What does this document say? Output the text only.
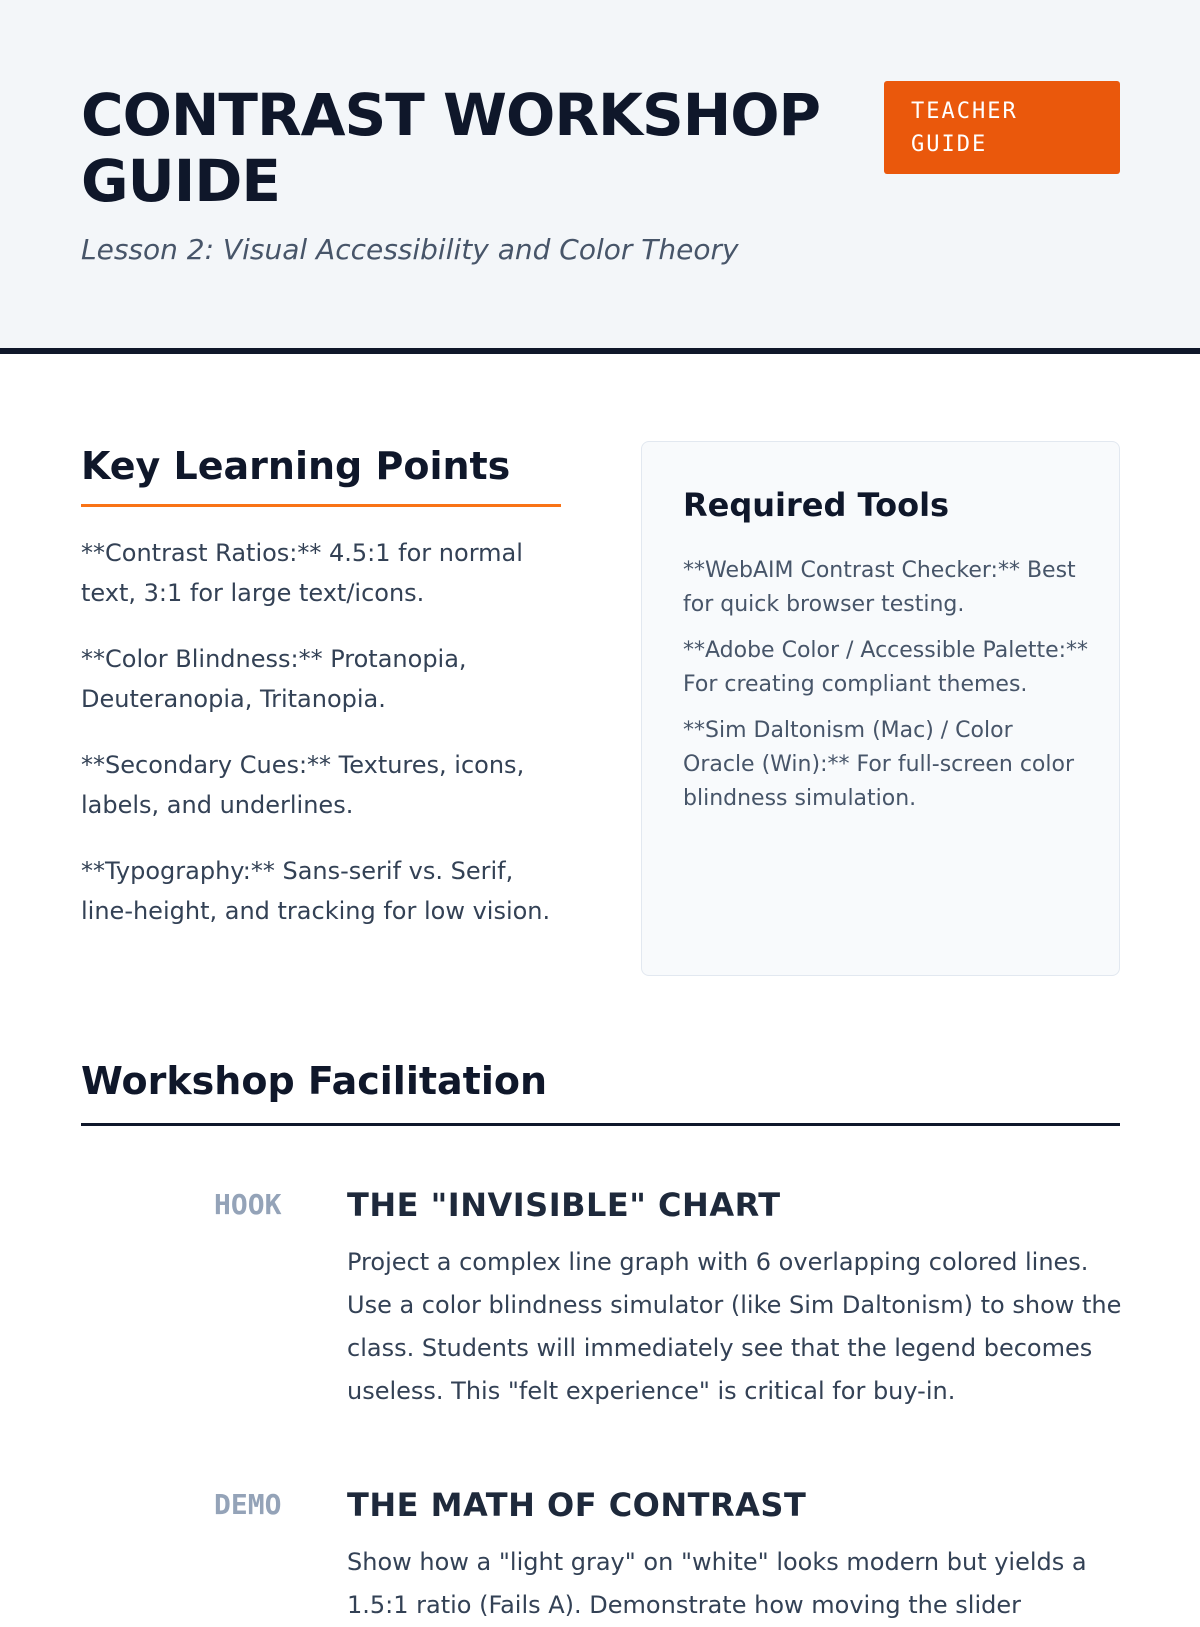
CONTRAST WORKSHOP GUIDE
Lesson 2: Visual Accessibility and Color Theory
TEACHER
GUIDE
Key Learning Points
**Contrast Ratios:** 4.5:1 for normal text, 3:1 for large text/icons.
**Color Blindness:** Protanopia, Deuteranopia, Tritanopia.
**Secondary Cues:** Textures, icons, labels, and underlines.
**Typography:** Sans-serif vs. Serif, line-height, and tracking for low vision.
Required Tools
**WebAIM Contrast Checker:** Best for quick browser testing.
**Adobe Color / Accessible Palette:** For creating compliant themes.
**Sim Daltonism (Mac) / Color Oracle (Win):** For full-screen color blindness simulation.
Workshop Facilitation
HOOK THE "INVISIBLE" CHART

Project a complex line graph with 6 overlapping colored lines. Use a color blindness simulator (like Sim Daltonism) to show the class. Students will immediately see that the legend becomes useless. This "felt experience" is critical for buy-in.

DEMO THE MATH OF CONTRAST

Show how a "light gray" on "white" looks modern but yields a 1.5:1 ratio (Fails A). Demonstrate how moving the slider
